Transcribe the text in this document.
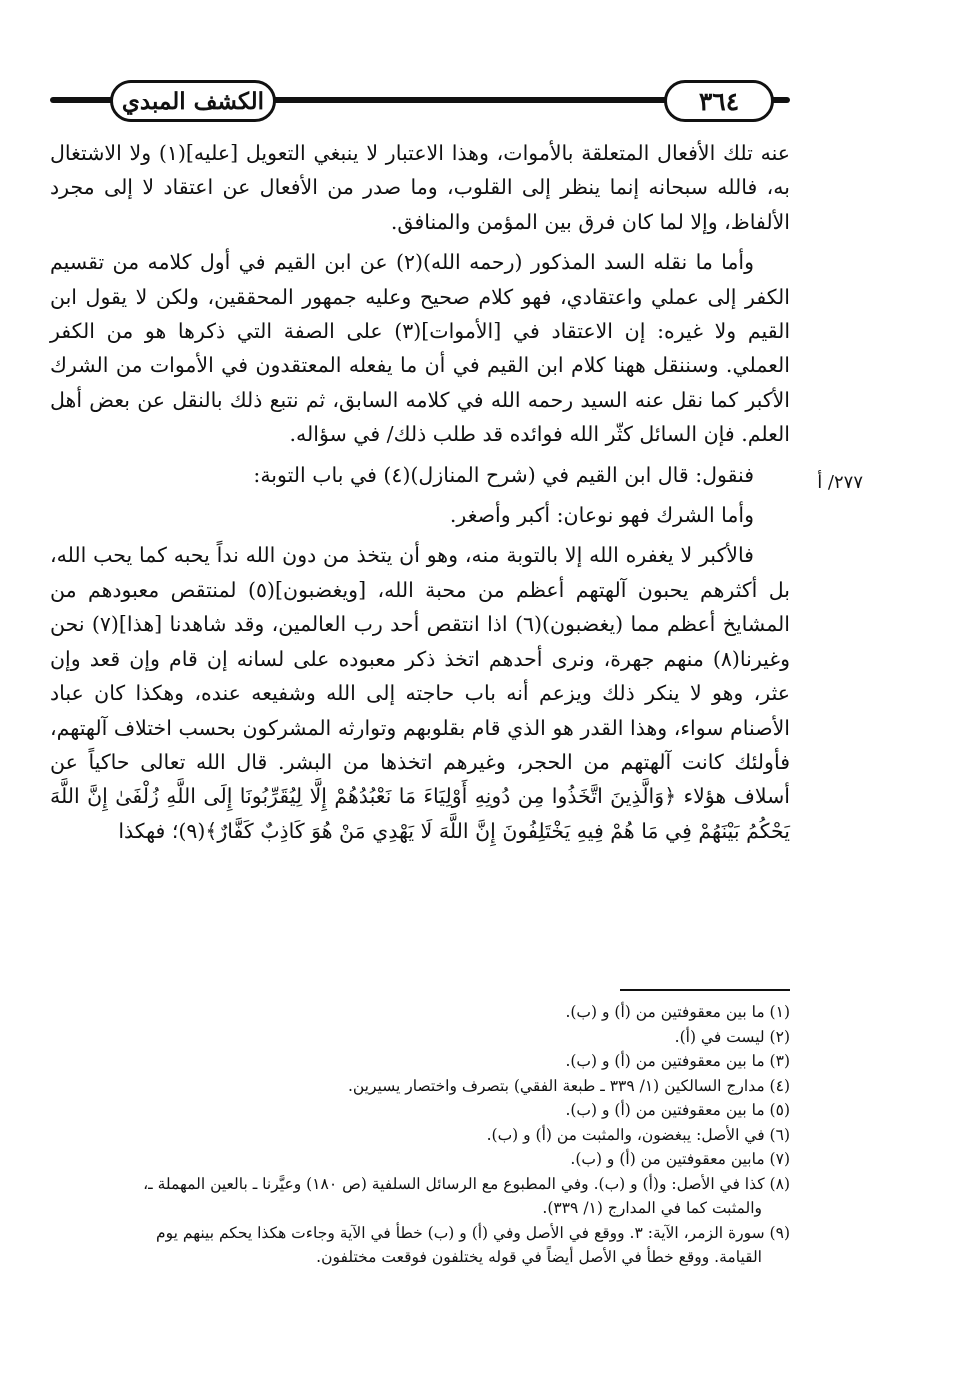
الكشف المبدي	٣٦٤

عنه تلك الأفعال المتعلقة بالأموات، وهذا الاعتبار لا ينبغي التعويل [عليه](١) ولا الاشتغال به، فالله سبحانه إنما ينظر إلى القلوب، وما صدر من الأفعال عن اعتقاد لا إلى مجرد الألفاظ، وإلا لما كان فرق بين المؤمن والمنافق.

وأما ما نقله السد المذكور (رحمه الله)(٢) عن ابن القيم في أول كلامه من تقسيم الكفر إلى عملي واعتقادي، فهو كلام صحيح وعليه جمهور المحققين، ولكن لا يقول ابن القيم ولا غيره: إن الاعتقاد في [الأموات](٣) على الصفة التي ذكرها هو من الكفر العملي. وسننقل ههنا كلام ابن القيم في أن ما يفعله المعتقدون في الأموات من الشرك الأكبر كما نقل عنه السيد رحمه الله في كلامه السابق، ثم نتبع ذلك بالنقل عن بعض أهل العلم. فإن السائل كثّر الله فوائده قد طلب ذلك/ في سؤاله.

فنقول: قال ابن القيم في (شرح المنازل)(٤) في باب التوبة:

وأما الشرك فهو نوعان: أكبر وأصغر.

فالأكبر لا يغفره الله إلا بالتوبة منه، وهو أن يتخذ من دون الله نداً يحبه كما يحب الله، بل أكثرهم يحبون آلهتهم أعظم من محبة الله، [ويغضبون](٥) لمنتقص معبودهم من المشايخ أعظم مما (يغضبون)(٦) اذا انتقص أحد رب العالمين، وقد شاهدنا [هذا](٧) نحن وغيرنا(٨) منهم جهرة، ونرى أحدهم اتخذ ذكر معبوده على لسانه إن قام وإن قعد وإن عثر، وهو لا ينكر ذلك ويزعم أنه باب حاجته إلى الله وشفيعه عنده، وهكذا كان عباد الأصنام سواء، وهذا القدر هو الذي قام بقلوبهم وتوارثه المشركون بحسب اختلاف آلهتهم، فأولئك كانت آلهتهم من الحجر، وغيرهم اتخذها من البشر. قال الله تعالى حاكياً عن أسلاف هؤلاء ﴿وَالَّذِينَ اتَّخَذُوا مِن دُونِهِ أَوْلِيَاءَ مَا نَعْبُدُهُمْ إِلَّا لِيُقَرِّبُونَا إِلَى اللَّهِ زُلْفَىٰ إِنَّ اللَّهَ يَحْكُمُ بَيْنَهُمْ فِي مَا هُمْ فِيهِ يَخْتَلِفُونَ إِنَّ اللَّهَ لَا يَهْدِي مَنْ هُوَ كَاذِبٌ كَفَّارٌ﴾(٩)؛ فهكذا

٢٧٧/ أ

(١) ما بين معقوفتين من (أ) و (ب).

(٢) ليست في (أ).

(٣) ما بين معقوفتين من (أ) و (ب).

(٤) مدارج السالكين (١/ ٣٣٩ ـ طبعة الفقي) بتصرف واختصار يسيرين.

(٥) ما بين معقوفتين من (أ) و (ب).

(٦) في الأصل: يبغضون، والمثبت من (أ) و (ب).

(٧) مابين معقوفتين من (أ) و (ب).

(٨) كذا في الأصل: و(أ) و (ب). وفي المطبوع مع الرسائل السلفية (ص ١٨٠) وعيَّرنا ـ بالعين المهملة ـ،
والمثبت كما في المدارج (١/ ٣٣٩).

(٩) سورة الزمر، الآية: ٣. ووقع في الأصل وفي (أ) و (ب) خطأ في الآية وجاءت هكذا يحكم بينهم يوم
القيامة. ووقع خطأ في الأصل أيضاً في قوله يختلفون فوقعت مختلفون.
